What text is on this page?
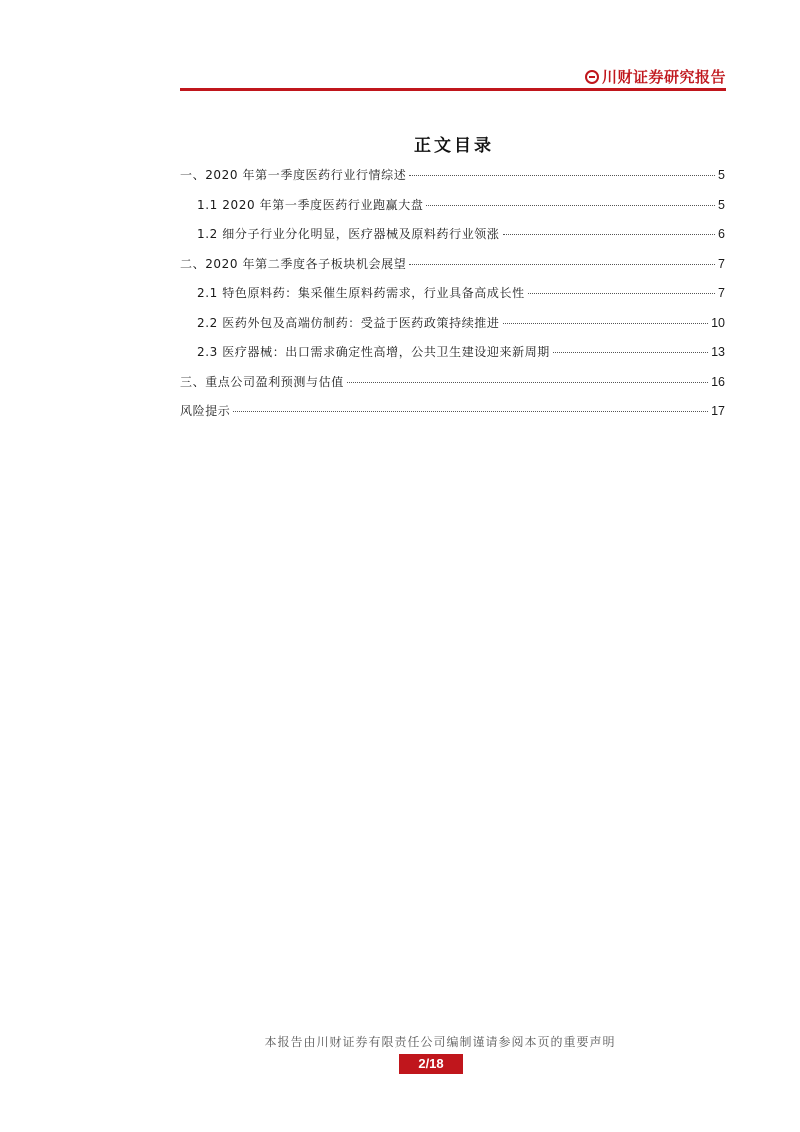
川财证券研究报告
正文目录
一、2020 年第一季度医药行业行情综述	5
1.1 2020 年第一季度医药行业跑赢大盘	5
1.2 细分子行业分化明显，医疗器械及原料药行业领涨	6
二、2020 年第二季度各子板块机会展望	7
2.1 特色原料药：集采催生原料药需求，行业具备高成长性	7
2.2 医药外包及高端仿制药：受益于医药政策持续推进	10
2.3 医疗器械：出口需求确定性高增，公共卫生建设迎来新周期	13
三、重点公司盈利预测与估值	16
风险提示	17
本报告由川财证券有限责任公司编制谨请参阅本页的重要声明
2/18
